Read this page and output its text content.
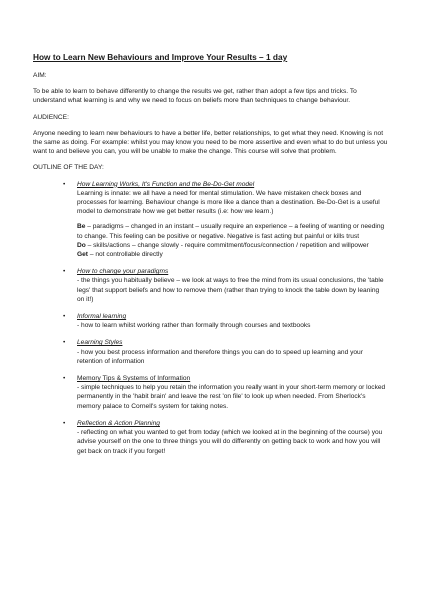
How to Learn New Behaviours and Improve Your Results – 1 day

AIM:

To be able to learn to behave differently to change the results we get, rather than adopt a few tips and tricks. To understand what learning is and why we need to focus on beliefs more than techniques to change behaviour.

AUDIENCE:

Anyone needing to learn new behaviours to have a better life, better relationships, to get what they need. Knowing is not the same as doing. For example: whilst you may know you need to be more assertive and even what to do but unless you want to and believe you can, you will be unable to make the change. This course will solve that problem.

OUTLINE OF THE DAY:

• How Learning Works, It's Function and the Be-Do-Get model
Learning is innate: we all have a need for mental stimulation. We have mistaken check boxes and processes for learning. Behaviour change is more like a dance than a destination. Be-Do-Get is a useful model to demonstrate how we get better results (i.e: how we learn.)
Be – paradigms – changed in an instant – usually require an experience – a feeling of wanting or needing to change. This feeling can be positive or negative. Negative is fast acting but painful or kills trust
Do – skills/actions – change slowly - require commitment/focus/connection / repetition and willpower
Get – not controllable directly
• How to change your paradigms
- the things you habitually believe – we look at ways to free the mind from its usual conclusions, the 'table legs' that support beliefs and how to remove them (rather than trying to knock the table down by leaning on it!)
• Informal learning
- how to learn whilst working rather than formally through courses and textbooks
• Learning Styles
- how you best process information and therefore things you can do to speed up learning and your retention of information
• Memory Tips & Systems of Information
- simple techniques to help you retain the information you really want in your short-term memory or locked permanently in the 'habit brain' and leave the rest 'on file' to look up when needed. From Sherlock's memory palace to Cornell's system for taking notes.
• Reflection & Action Planning
- reflecting on what you wanted to get from today (which we looked at in the beginning of the course) you advise yourself on the one to three things you will do differently on getting back to work and how you will get back on track if you forget!
